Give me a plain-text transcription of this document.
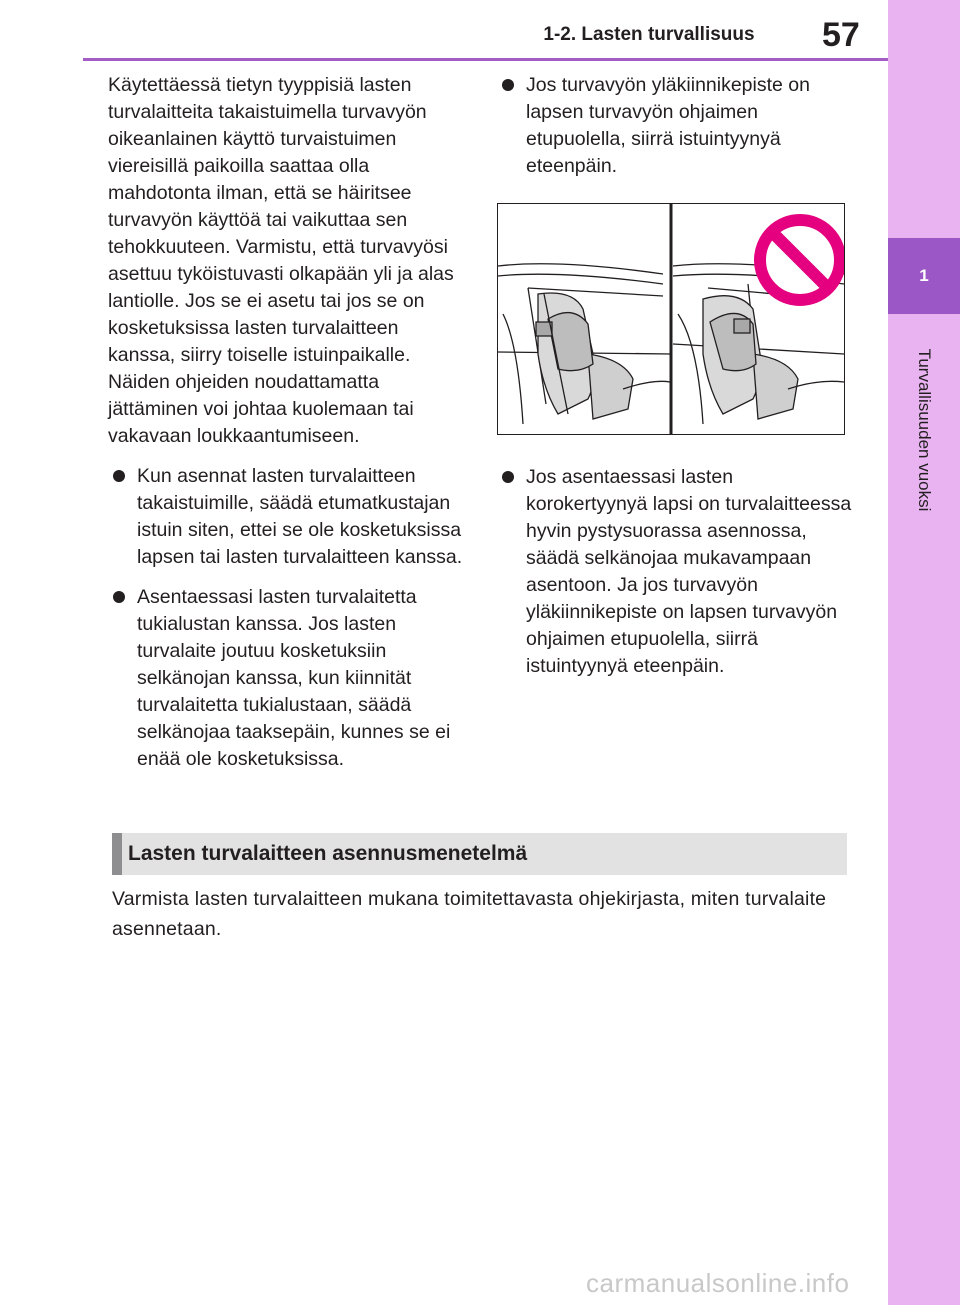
1
Turvallisuuden vuoksi
1-2. Lasten turvallisuus	57

Käytettäessä tietyn tyyppisiä lasten turvalaitteita takaistuimella turvavyön oikeanlainen käyttö turvaistuimen viereisillä paikoilla saattaa olla mahdotonta ilman, että se häiritsee turvavyön käyttöä tai vaikuttaa sen tehokkuuteen. Varmistu, että turvavyösi asettuu tyköistuvasti olkapään yli ja alas lantiolle. Jos se ei asetu tai jos se on kosketuksissa lasten turvalaitteen kanssa, siirry toiselle istuinpaikalle. Näiden ohjeiden noudattamatta jättäminen voi johtaa kuolemaan tai vakavaan loukkaantumiseen.

Kun asennat lasten turvalaitteen takaistuimille, säädä etumatkustajan istuin siten, ettei se ole kosketuksissa lapsen tai lasten turvalaitteen kanssa.

Asentaessasi lasten turvalaitetta tukialustan kanssa. Jos lasten turvalaite joutuu kosketuksiin selkänojan kanssa, kun kiinnität turvalaitetta tukialustaan, säädä selkänojaa taaksepäin, kunnes se ei enää ole kosketuksissa.

Jos turvavyön yläkiinnikepiste on lapsen turvavyön ohjaimen etupuolella, siirrä istuintyynyä eteenpäin.

Jos asentaessasi lasten korokertyynyä lapsi on turvalaitteessa hyvin pystysuorassa asennossa, säädä selkänojaa mukavampaan asentoon. Ja jos turvavyön yläkiinnikepiste on lapsen turvavyön ohjaimen etupuolella, siirrä istuintyynyä eteenpäin.

Lasten turvalaitteen asennusmenetelmä
Varmista lasten turvalaitteen mukana toimitettavasta ohjekirjasta, miten turvalaite asennetaan.
carmanualsonline.info
